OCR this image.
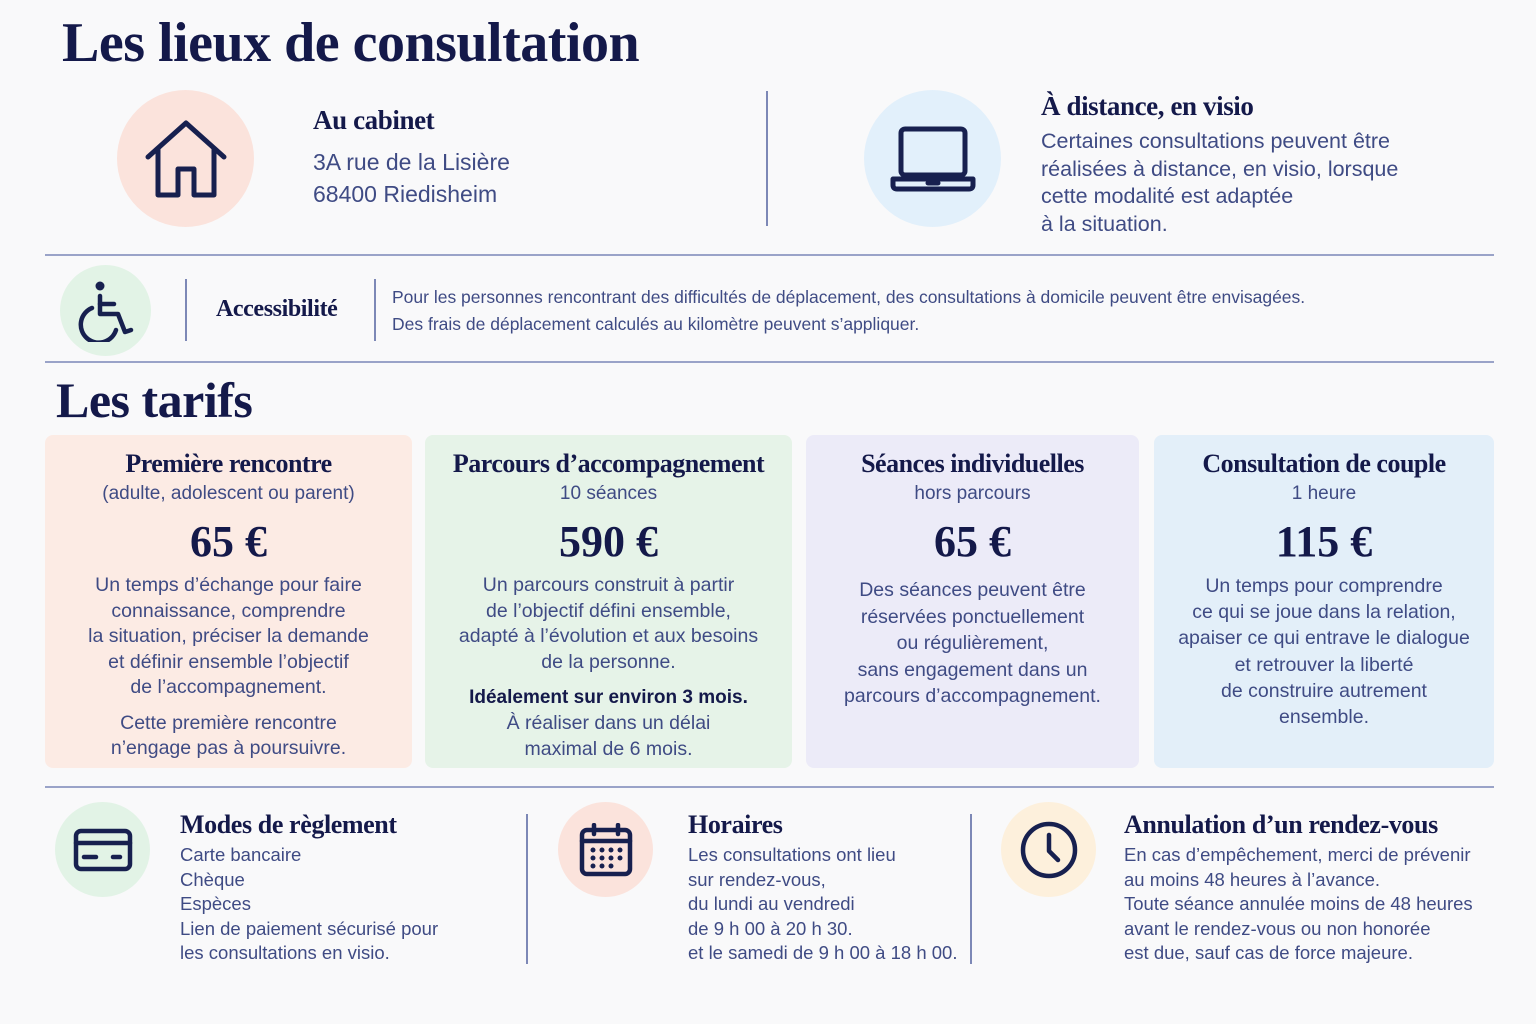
Les lieux de consultation
Au cabinet
3A rue de la Lisière
68400 Riedisheim
À distance, en visio
Certaines consultations peuvent être
réalisées à distance, en visio, lorsque
cette modalité est adaptée
à la situation.
Accessibilité	Pour les personnes rencontrant des difficultés de déplacement, des consultations à domicile peuvent être envisagées.
Des frais de déplacement calculés au kilomètre peuvent s’appliquer.
Les tarifs
Première rencontre
(adulte, adolescent ou parent)
65 €
Un temps d’échange pour faire
connaissance, comprendre
la situation, préciser la demande
et définir ensemble l’objectif
de l’accompagnement.
Cette première rencontre
n’engage pas à poursuivre.
Parcours d’accompagnement
10 séances
590 €
Un parcours construit à partir
de l’objectif défini ensemble,
adapté à l’évolution et aux besoins
de la personne.
Idéalement sur environ 3 mois.
À réaliser dans un délai
maximal de 6 mois.
Séances individuelles
hors parcours
65 €
Des séances peuvent être
réservées ponctuellement
ou régulièrement,
sans engagement dans un
parcours d’accompagnement.
Consultation de couple
1 heure
115 €
Un temps pour comprendre
ce qui se joue dans la relation,
apaiser ce qui entrave le dialogue
et retrouver la liberté
de construire autrement
ensemble.
Modes de règlement
Carte bancaire
Chèque
Espèces
Lien de paiement sécurisé pour
les consultations en visio.
Horaires
Les consultations ont lieu
sur rendez-vous,
du lundi au vendredi
de 9 h 00 à 20 h 30.
et le samedi de 9 h 00 à 18 h 00.
Annulation d’un rendez-vous
En cas d’empêchement, merci de prévenir
au moins 48 heures à l’avance.
Toute séance annulée moins de 48 heures
avant le rendez-vous ou non honorée
est due, sauf cas de force majeure.
